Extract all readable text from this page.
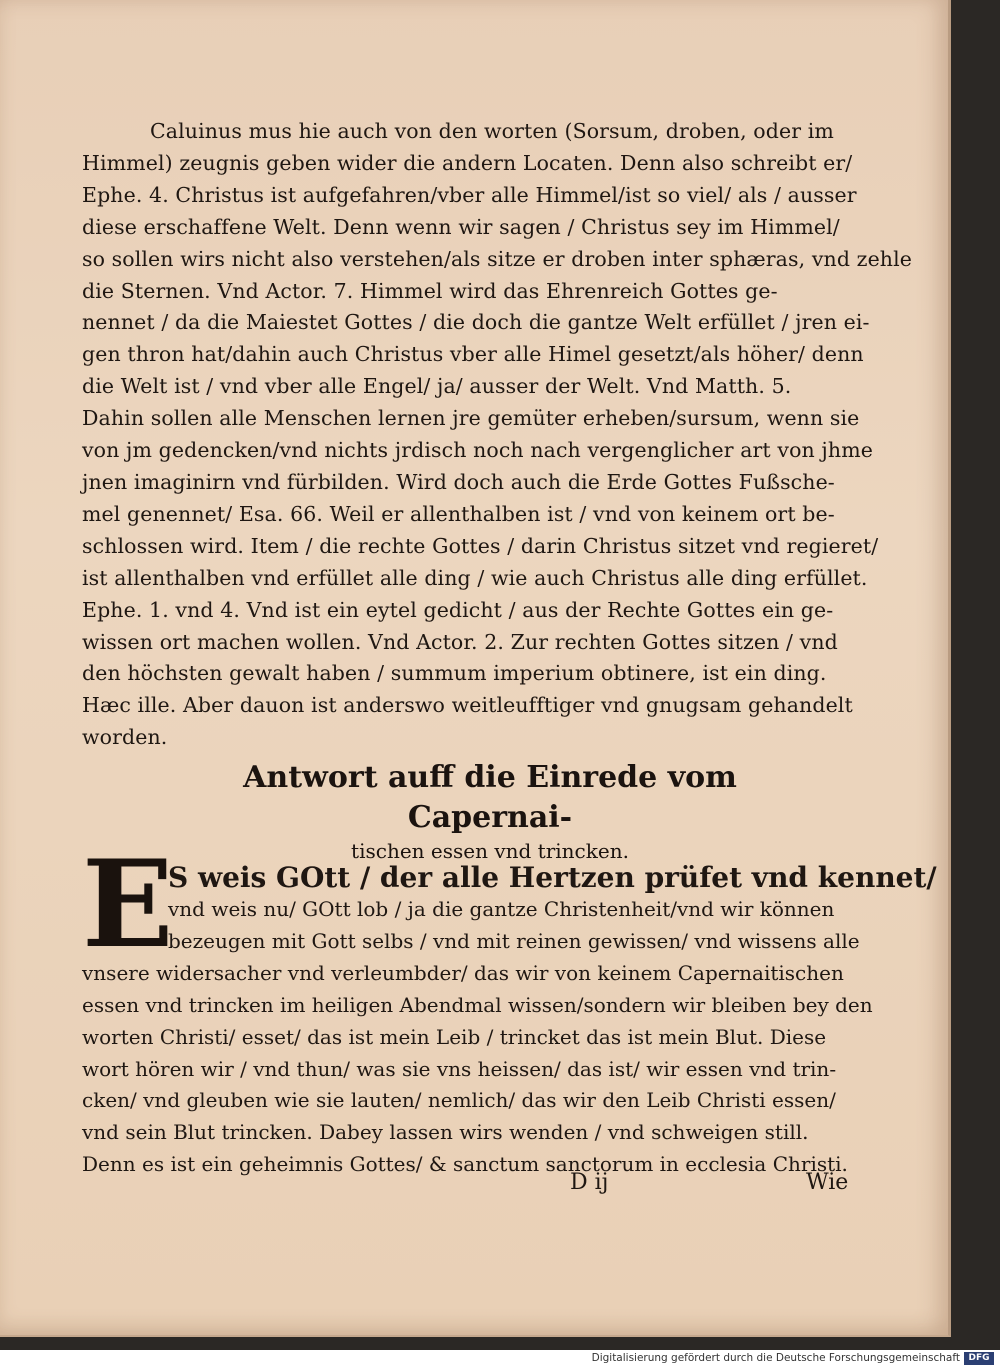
Caluinus mus hie auch von den worten (Sorsum, droben, oder im
Himmel) zeugnis geben wider die andern Locaten. Denn also schreibt er/
Ephe. 4. Christus ist aufgefahren/vber alle Himmel/ist so viel/ als / ausser
diese erschaffene Welt. Denn wenn wir sagen / Christus sey im Himmel/
so sollen wirs nicht also verstehen/als sitze er droben inter sphæras, vnd zehle
die Sternen. Vnd Actor. 7. Himmel wird das Ehrenreich Gottes ge-
nennet / da die Maiestet Gottes / die doch die gantze Welt erfüllet / jren ei-
gen thron hat/dahin auch Christus vber alle Himel gesetzt/als höher/ denn
die Welt ist / vnd vber alle Engel/ ja/ ausser der Welt. Vnd Matth. 5.
Dahin sollen alle Menschen lernen jre gemüter erheben/sursum, wenn sie
von jm gedencken/vnd nichts jrdisch noch nach vergenglicher art von jhme
jnen imaginirn vnd fürbilden. Wird doch auch die Erde Gottes Fußsche-
mel genennet/ Esa. 66. Weil er allenthalben ist / vnd von keinem ort be-
schlossen wird. Item / die rechte Gottes / darin Christus sitzet vnd regieret/
ist allenthalben vnd erfüllet alle ding / wie auch Christus alle ding erfüllet.
Ephe. 1. vnd 4. Vnd ist ein eytel gedicht / aus der Rechte Gottes ein ge-
wissen ort machen wollen. Vnd Actor. 2. Zur rechten Gottes sitzen / vnd
den höchsten gewalt haben / summum imperium obtinere, ist ein ding.
Hæc ille. Aber dauon ist anderswo weitleufftiger vnd gnugsam gehandelt
worden.
Antwort auff die Einrede vom Capernai-
tischen essen vnd trincken.
E
S weis GOtt / der alle Hertzen prüfet vnd kennet/
vnd weis nu/ GOtt lob / ja die gantze Christenheit/vnd wir können
bezeugen mit Gott selbs / vnd mit reinen gewissen/ vnd wissens alle
vnsere widersacher vnd verleumbder/ das wir von keinem Capernaitischen
essen vnd trincken im heiligen Abendmal wissen/sondern wir bleiben bey den
worten Christi/ esset/ das ist mein Leib / trincket das ist mein Blut. Diese
wort hören wir / vnd thun/ was sie vns heissen/ das ist/ wir essen vnd trin-
cken/ vnd gleuben wie sie lauten/ nemlich/ das wir den Leib Christi essen/
vnd sein Blut trincken. Dabey lassen wirs wenden / vnd schweigen still.
Denn es ist ein geheimnis Gottes/ & sanctum sanctorum in ecclesia Christi.
D ij	Wie
Digitalisierung gefördert durch die Deutsche Forschungsgemeinschaft DFG
